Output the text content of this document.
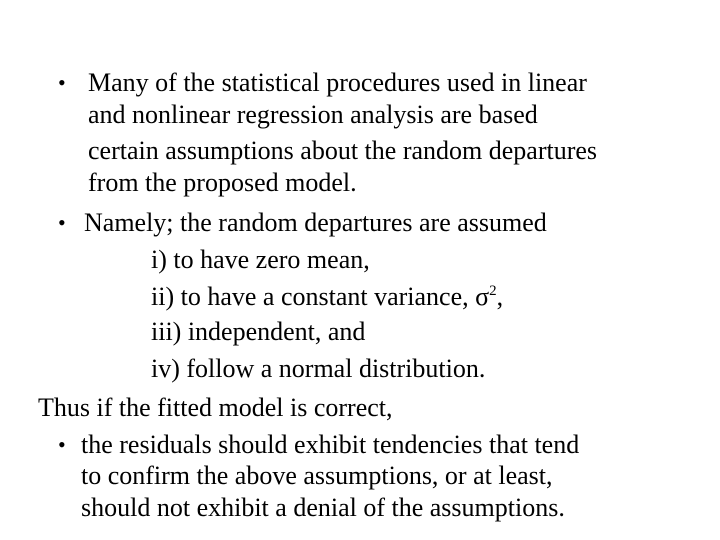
• Many of the statistical procedures used in linear
and nonlinear regression analysis are based
certain assumptions about the random departures
from the proposed model.
• Namely; the random departures are assumed
i) to have zero mean,
ii) to have a constant variance, $\sigma^2$,
iii) independent, and
iv) follow a normal distribution.
Thus if the fitted model is correct,
• the residuals should exhibit tendencies that tend
to confirm the above assumptions, or at least,
should not exhibit a denial of the assumptions.
